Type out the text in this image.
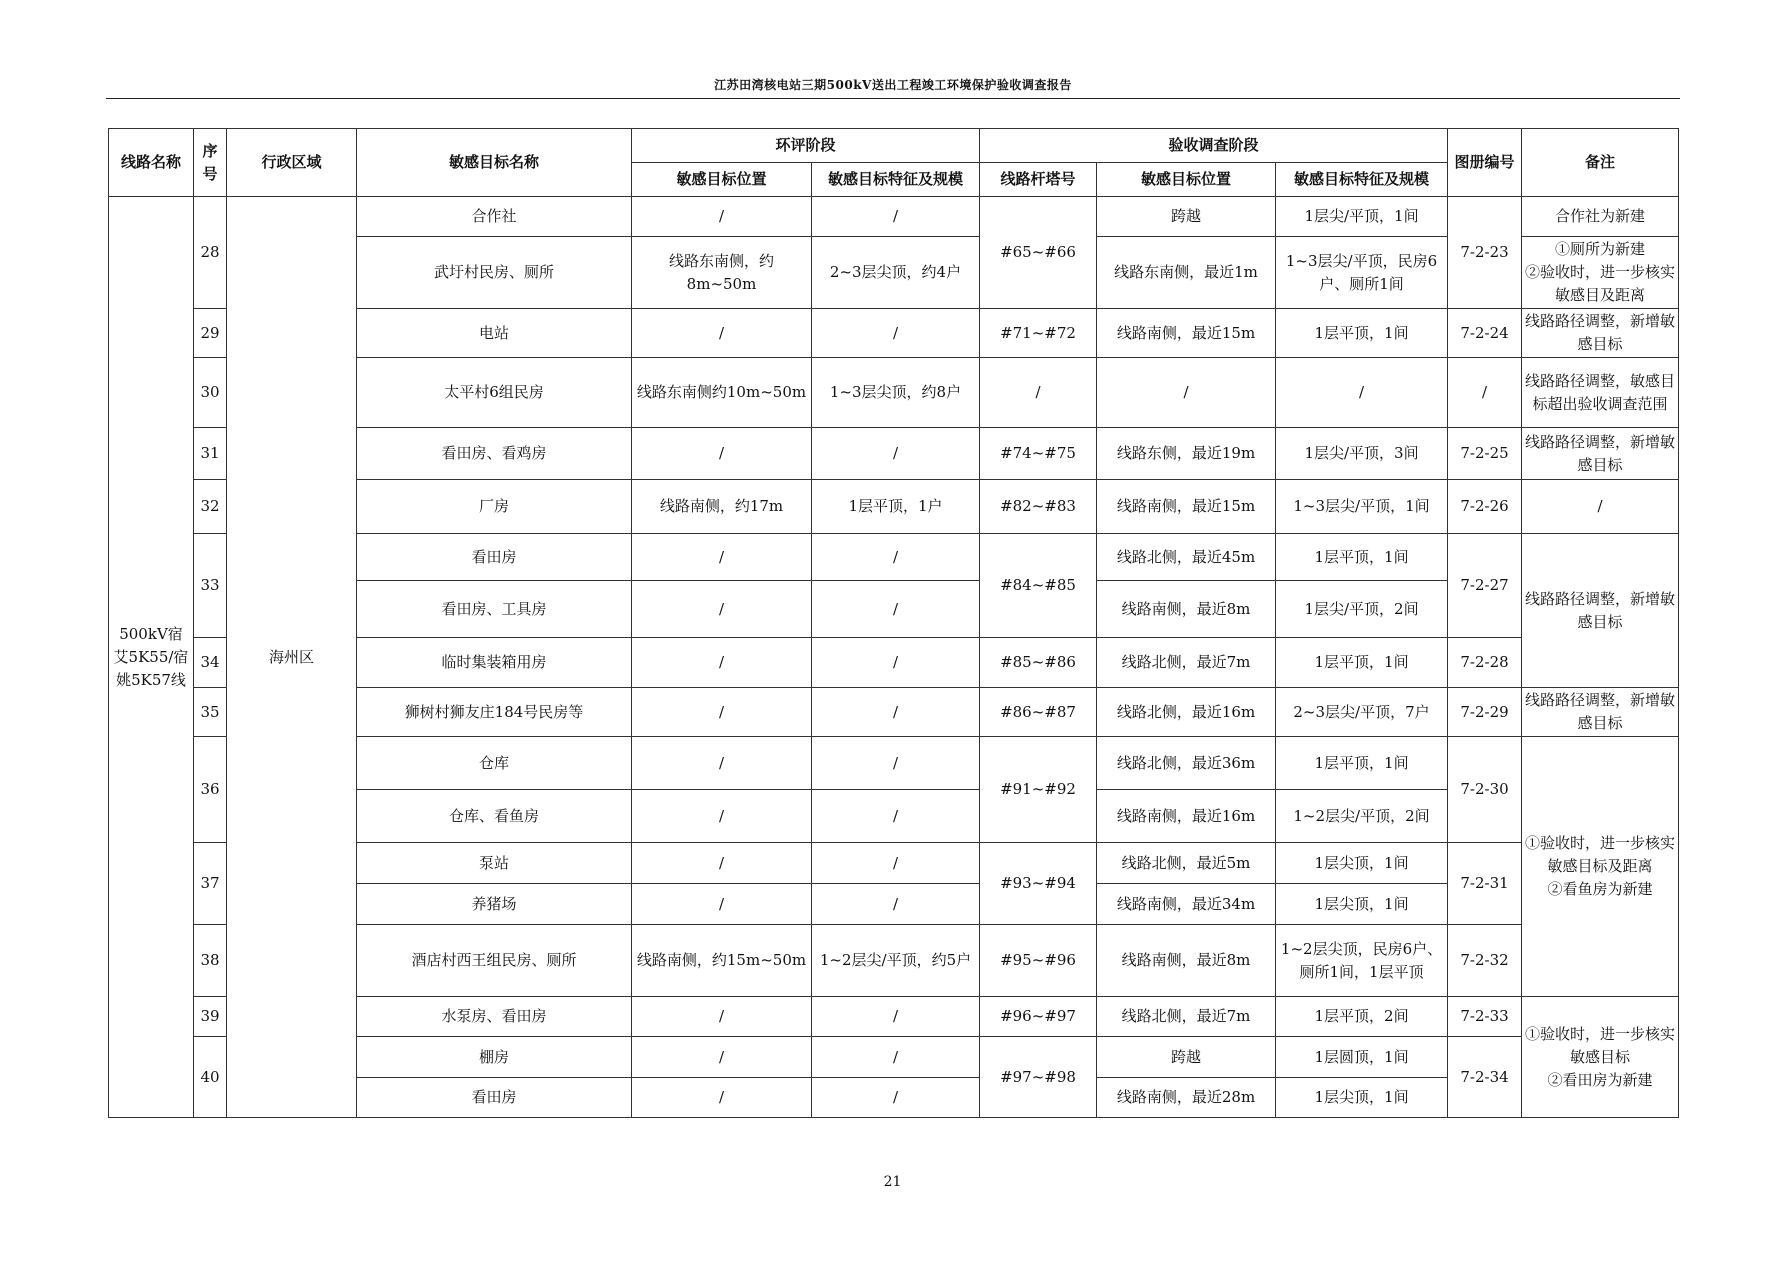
江苏田湾核电站三期500kV送出工程竣工环境保护验收调查报告
线路名称	序号	行政区域	敏感目标名称	环评阶段		验收调查阶段			图册编号	备注
				敏感目标位置	敏感目标特征及规模	线路杆塔号	敏感目标位置	敏感目标特征及规模		
500kV宿艾5K55/宿姚5K57线	28	海州区	合作社	/	/	#65~#66	跨越	1层尖/平顶，1间	7-2-23	合作社为新建
			武圩村民房、厕所	线路东南侧，约8m~50m	2~3层尖顶，约4户		线路东南侧，最近1m	1~3层尖/平顶，民房6户、厕所1间		①厕所为新建
②验收时，进一步核实敏感目及距离
	29		电站	/	/	#71~#72	线路南侧，最近15m	1层平顶，1间	7-2-24	线路路径调整，新增敏感目标
	30		太平村6组民房	线路东南侧约10m~50m	1~3层尖顶，约8户	/	/	/	/	线路路径调整，敏感目标超出验收调查范围
	31		看田房、看鸡房	/	/	#74~#75	线路东侧，最近19m	1层尖/平顶，3间	7-2-25	线路路径调整，新增敏感目标
	32		厂房	线路南侧，约17m	1层平顶，1户	#82~#83	线路南侧，最近15m	1~3层尖/平顶，1间	7-2-26	/
	33		看田房	/	/	#84~#85	线路北侧，最近45m	1层平顶，1间	7-2-27	线路路径调整，新增敏感目标
			看田房、工具房	/	/		线路南侧，最近8m	1层尖/平顶，2间		
	34		临时集装箱用房	/	/	#85~#86	线路北侧，最近7m	1层平顶，1间	7-2-28	
	35		狮树村狮友庄184号民房等	/	/	#86~#87	线路北侧，最近16m	2~3层尖/平顶，7户	7-2-29	线路路径调整，新增敏感目标
	36		仓库	/	/	#91~#92	线路北侧，最近36m	1层平顶，1间	7-2-30	①验收时，进一步核实敏感目标及距离
②看鱼房为新建
			仓库、看鱼房	/	/		线路南侧，最近16m	1~2层尖/平顶，2间		
	37		泵站	/	/	#93~#94	线路北侧，最近5m	1层尖顶，1间	7-2-31	
			养猪场	/	/		线路南侧，最近34m	1层尖顶，1间		
	38		酒店村西王组民房、厕所	线路南侧，约15m~50m	1~2层尖/平顶，约5户	#95~#96	线路南侧，最近8m	1~2层尖顶，民房6户、厕所1间，1层平顶	7-2-32	
	39		水泵房、看田房	/	/	#96~#97	线路北侧，最近7m	1层平顶，2间	7-2-33	①验收时，进一步核实敏感目标
②看田房为新建
	40		棚房	/	/	#97~#98	跨越	1层圆顶，1间	7-2-34	
			看田房	/	/		线路南侧，最近28m	1层尖顶，1间		
21
